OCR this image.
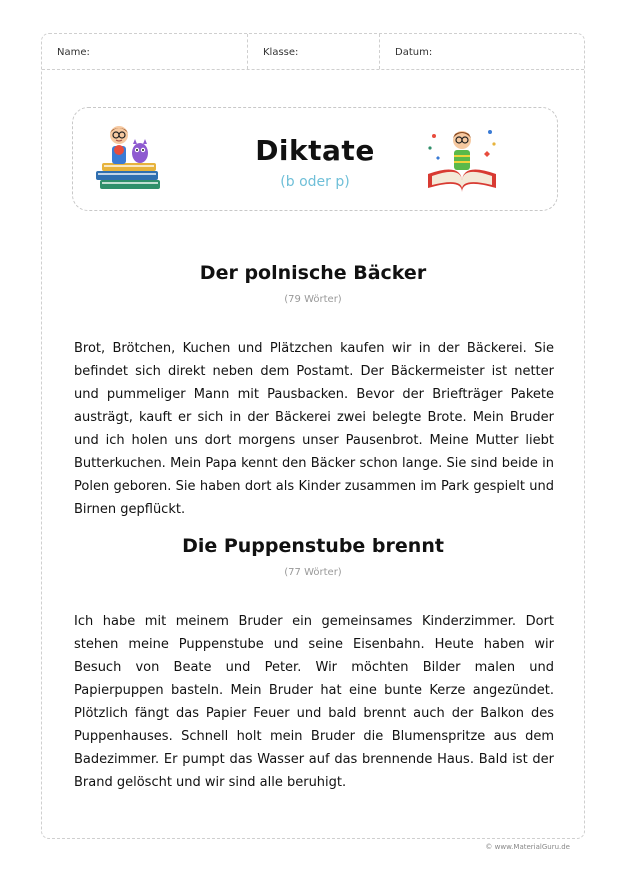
Name:	Klasse:	Datum:
Diktate
(b oder p)
Der polnische Bäcker
(79 Wörter)
Brot, Brötchen, Kuchen und Plätzchen kaufen wir in der Bäckerei. Sie befindet sich direkt neben dem Postamt. Der Bäckermeister ist netter und pummeliger Mann mit Pausbacken. Bevor der Briefträger Pakete austrägt, kauft er sich in der Bäckerei zwei belegte Brote. Mein Bruder und ich holen uns dort morgens unser Pausenbrot. Meine Mutter liebt Butterkuchen. Mein Papa kennt den Bäcker schon lange. Sie sind beide in Polen geboren. Sie haben dort als Kinder zusammen im Park gespielt und Birnen gepflückt.
Die Puppenstube brennt
(77 Wörter)
Ich habe mit meinem Bruder ein gemeinsames Kinderzimmer. Dort stehen meine Puppenstube und seine Eisenbahn. Heute haben wir Besuch von Beate und Peter. Wir möchten Bilder malen und Papierpuppen basteln. Mein Bruder hat eine bunte Kerze angezündet. Plötzlich fängt das Papier Feuer und bald brennt auch der Balkon des Puppenhauses. Schnell holt mein Bruder die Blumenspritze aus dem Badezimmer. Er pumpt das Wasser auf das brennende Haus. Bald ist der Brand gelöscht und wir sind alle beruhigt.
© www.MaterialGuru.de
